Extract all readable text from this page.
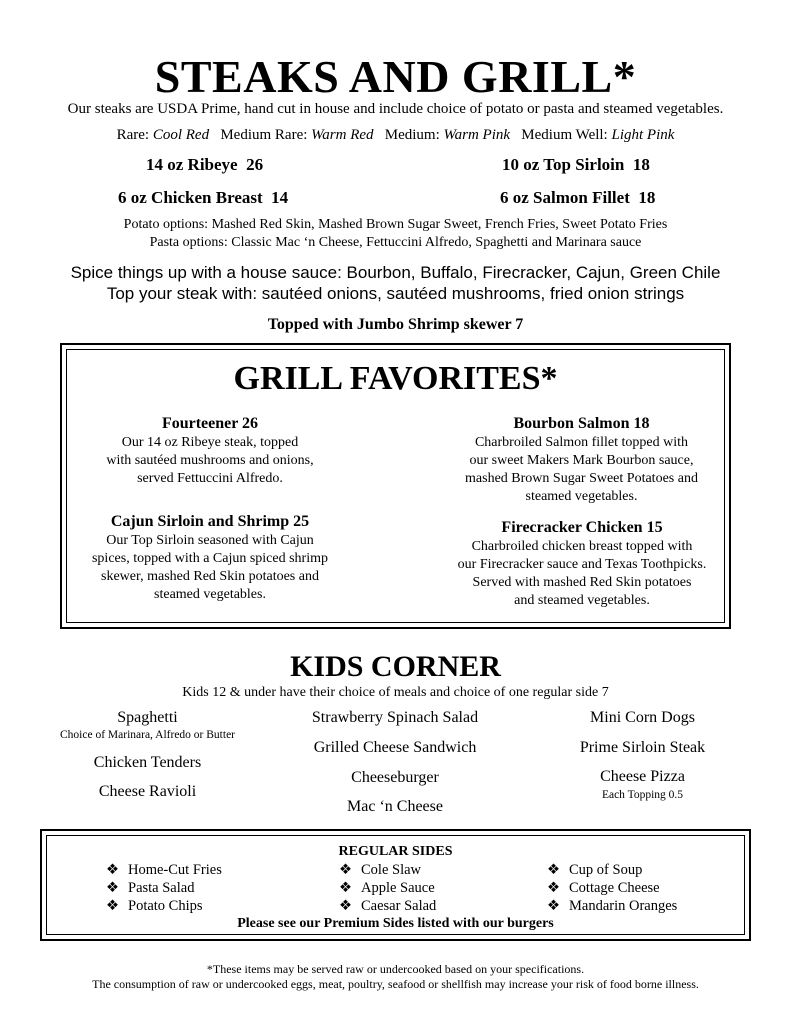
STEAKS AND GRILL*
Our steaks are USDA Prime, hand cut in house and include choice of potato or pasta and steamed vegetables.
Rare: Cool Red Medium Rare: Warm Red Medium: Warm Pink Medium Well: Light Pink
14 oz Ribeye 26	10 oz Top Sirloin 18
6 oz Chicken Breast 14	6 oz Salmon Fillet 18
Potato options: Mashed Red Skin, Mashed Brown Sugar Sweet, French Fries, Sweet Potato Fries
Pasta options: Classic Mac ‘n Cheese, Fettuccini Alfredo, Spaghetti and Marinara sauce
Spice things up with a house sauce: Bourbon, Buffalo, Firecracker, Cajun, Green Chile
Top your steak with: sautéed onions, sautéed mushrooms, fried onion strings
Topped with Jumbo Shrimp skewer 7
GRILL FAVORITES*
Fourteener 26
Our 14 oz Ribeye steak, topped
with sautéed mushrooms and onions,
served Fettuccini Alfredo.
Bourbon Salmon 18
Charbroiled Salmon fillet topped with
our sweet Makers Mark Bourbon sauce,
mashed Brown Sugar Sweet Potatoes and
steamed vegetables.
Cajun Sirloin and Shrimp 25
Our Top Sirloin seasoned with Cajun
spices, topped with a Cajun spiced shrimp
skewer, mashed Red Skin potatoes and
steamed vegetables.
Firecracker Chicken 15
Charbroiled chicken breast topped with
our Firecracker sauce and Texas Toothpicks.
Served with mashed Red Skin potatoes
and steamed vegetables.
KIDS CORNER
Kids 12 & under have their choice of meals and choice of one regular side 7
Spaghetti
Choice of Marinara, Alfredo or Butter
Chicken Tenders
Cheese Ravioli
Strawberry Spinach Salad
Grilled Cheese Sandwich
Cheeseburger
Mac ‘n Cheese
Mini Corn Dogs
Prime Sirloin Steak
Cheese Pizza
Each Topping 0.5
REGULAR SIDES
❖ Home-Cut Fries
❖ Pasta Salad
❖ Potato Chips
❖ Cole Slaw
❖ Apple Sauce
❖ Caesar Salad
❖ Cup of Soup
❖ Cottage Cheese
❖ Mandarin Oranges
Please see our Premium Sides listed with our burgers
*These items may be served raw or undercooked based on your specifications.
The consumption of raw or undercooked eggs, meat, poultry, seafood or shellfish may increase your risk of food borne illness.
